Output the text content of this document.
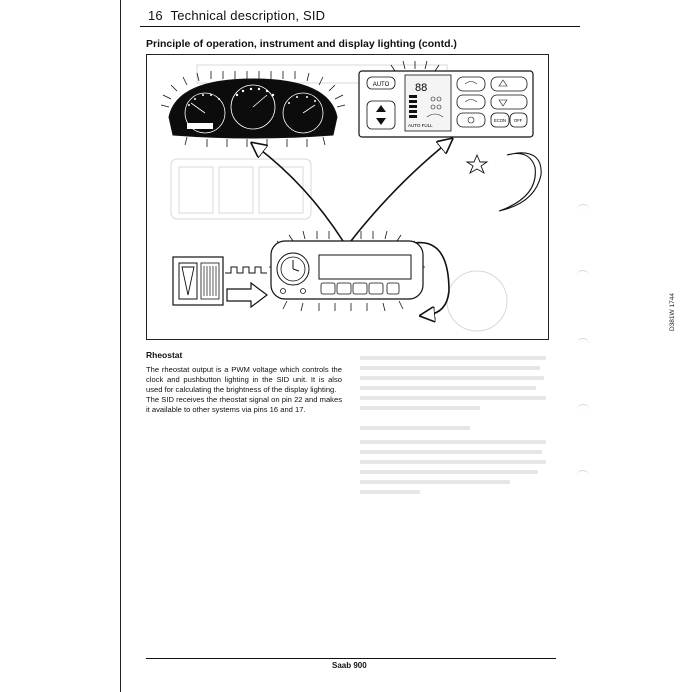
16 Technical description, SID
Principle of operation, instrument and display lighting (contd.)
AUTO 88
AUTO FULL
ECON OFF
D381W 1744

Rheostat

The rheostat output is a PWM voltage which controls the clock and pushbutton lighting in the SID unit. It is also used for calculating the brightness of the display lighting.

The SID receives the rheostat signal on pin 22 and makes it available to other systems via pins 16 and 17.

Saab 900
